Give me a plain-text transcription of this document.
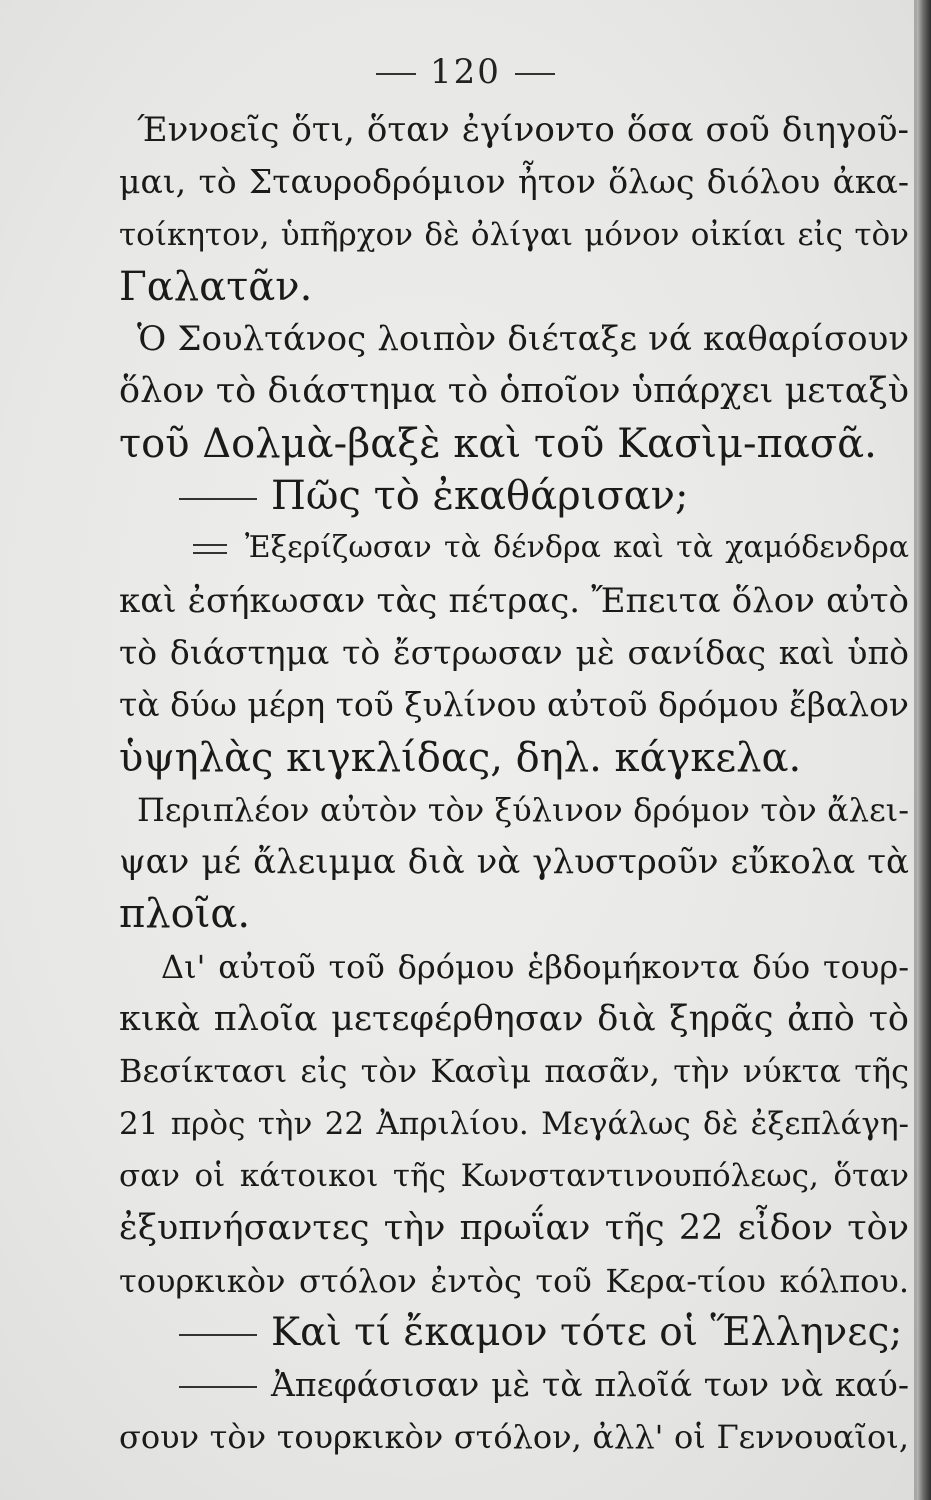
120
Έννοεῖς ὅτι, ὅταν ἐγίνοντο ὅσα σοῦ διηγοῦ-
μαι, τὸ Σταυροδρόμιον ἦτον ὅλως διόλου ἀκα-
τοίκητον, ὑπῆρχον δὲ ὀλίγαι μόνον οἰκίαι εἰς τὸν
Γαλατᾶν.
Ὁ Σουλτάνος λοιπὸν διέταξε νά καθαρίσουν
ὅλον τὸ διάστημα τὸ ὁποῖον ὑπάρχει μεταξὺ
τοῦ Δολμὰ-βαξὲ καὶ τοῦ Κασὶμ-πασᾶ.
Πῶς τὸ ἐκαθάρισαν;
Ἐξερίζωσαν τὰ δένδρα καὶ τὰ χαμόδενδρα
καὶ ἐσήκωσαν τὰς πέτρας. Ἔπειτα ὅλον αὐτὸ
τὸ διάστημα τὸ ἔστρωσαν μὲ σανίδας καὶ ὑπὸ
τὰ δύω μέρη τοῦ ξυλίνου αὐτοῦ δρόμου ἔβαλον
ὑψηλὰς κιγκλίδας, δηλ. κάγκελα.
Περιπλέον αὐτὸν τὸν ξύλινον δρόμον τὸν ἄλει-
ψαν μέ ἄλειμμα διὰ νὰ γλυστροῦν εὔκολα τὰ
πλοῖα.
Δι' αὐτοῦ τοῦ δρόμου ἑβδομήκοντα δύο τουρ-
κικὰ πλοῖα μετεφέρθησαν διὰ ξηρᾶς ἀπὸ τὸ
Βεσίκτασι εἰς τὸν Κασὶμ πασᾶν, τὴν νύκτα τῆς
21 πρὸς τὴν 22 Ἀπριλίου. Μεγάλως δὲ ἐξεπλάγη-
σαν οἱ κάτοικοι τῆς Κωνσταντινουπόλεως, ὅταν
ἐξυπνήσαντες τὴν πρωΐαν τῆς 22 εἶδον τὸν
τουρκικὸν στόλον ἐντὸς τοῦ Κερα-τίου κόλπου.
Καὶ τί ἔκαμον τότε οἱ Ἕλληνες;
Ἀπεφάσισαν μὲ τὰ πλοῖά των νὰ καύ-
σουν τὸν τουρκικὸν στόλον, ἀλλ' οἱ Γεννουαῖοι,
